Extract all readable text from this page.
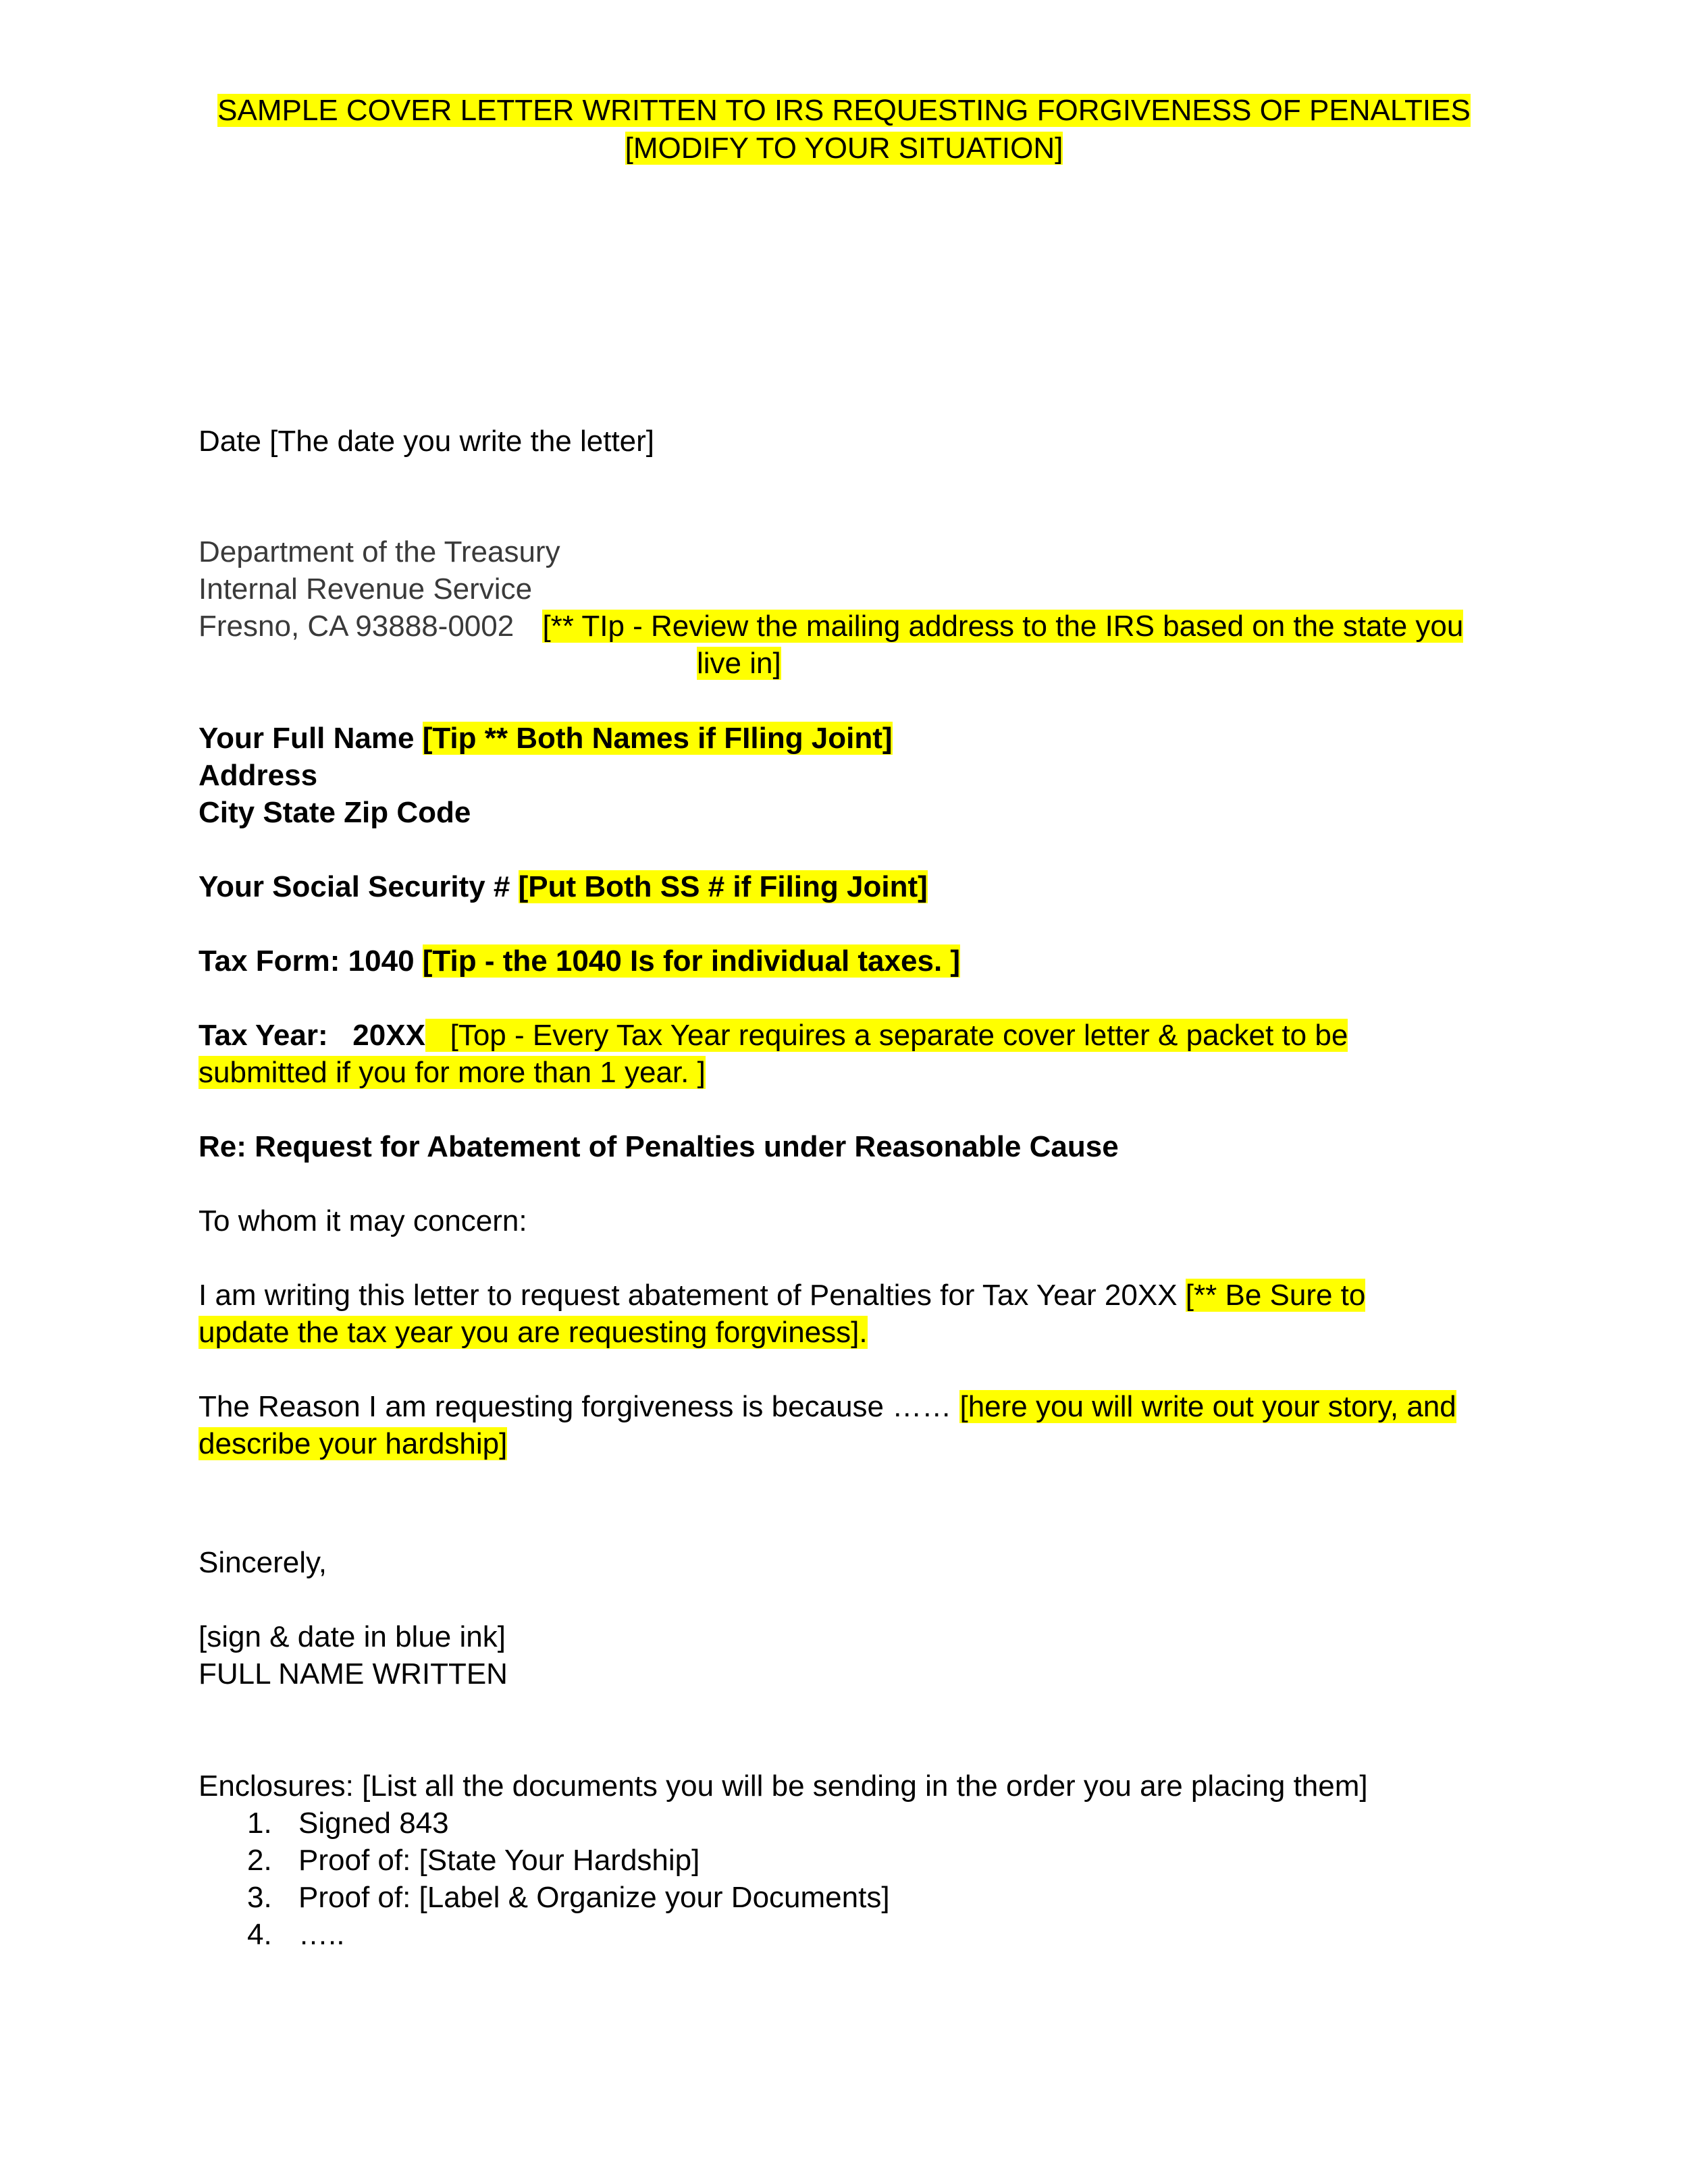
SAMPLE COVER LETTER WRITTEN TO IRS REQUESTING FORGIVENESS OF PENALTIES
[MODIFY TO YOUR SITUATION]
Date [The date you write the letter]
Department of the Treasury
Internal Revenue Service
Fresno, CA 93888-0002 [** TIp - Review the mailing address to the IRS based on the state you
live in]
Your Full Name [Tip ** Both Names if FIling Joint]
Address
City State Zip Code
Your Social Security # [Put Both SS # if Filing Joint]
Tax Form: 1040 [Tip - the 1040 Is for individual taxes. ]
Tax Year:   20XX   [Top - Every Tax Year requires a separate cover letter & packet to be
submitted if you for more than 1 year. ]
Re: Request for Abatement of Penalties under Reasonable Cause
To whom it may concern:
I am writing this letter to request abatement of Penalties for Tax Year 20XX [** Be Sure to
update the tax year you are requesting forgviness].
The Reason I am requesting forgiveness is because …… [here you will write out your story, and
describe your hardship]
Sincerely,
[sign & date in blue ink]
FULL NAME WRITTEN
Enclosures: [List all the documents you will be sending in the order you are placing them]
1. Signed 843
2. Proof of: [State Your Hardship]
3. Proof of: [Label & Organize your Documents]
4. …..
